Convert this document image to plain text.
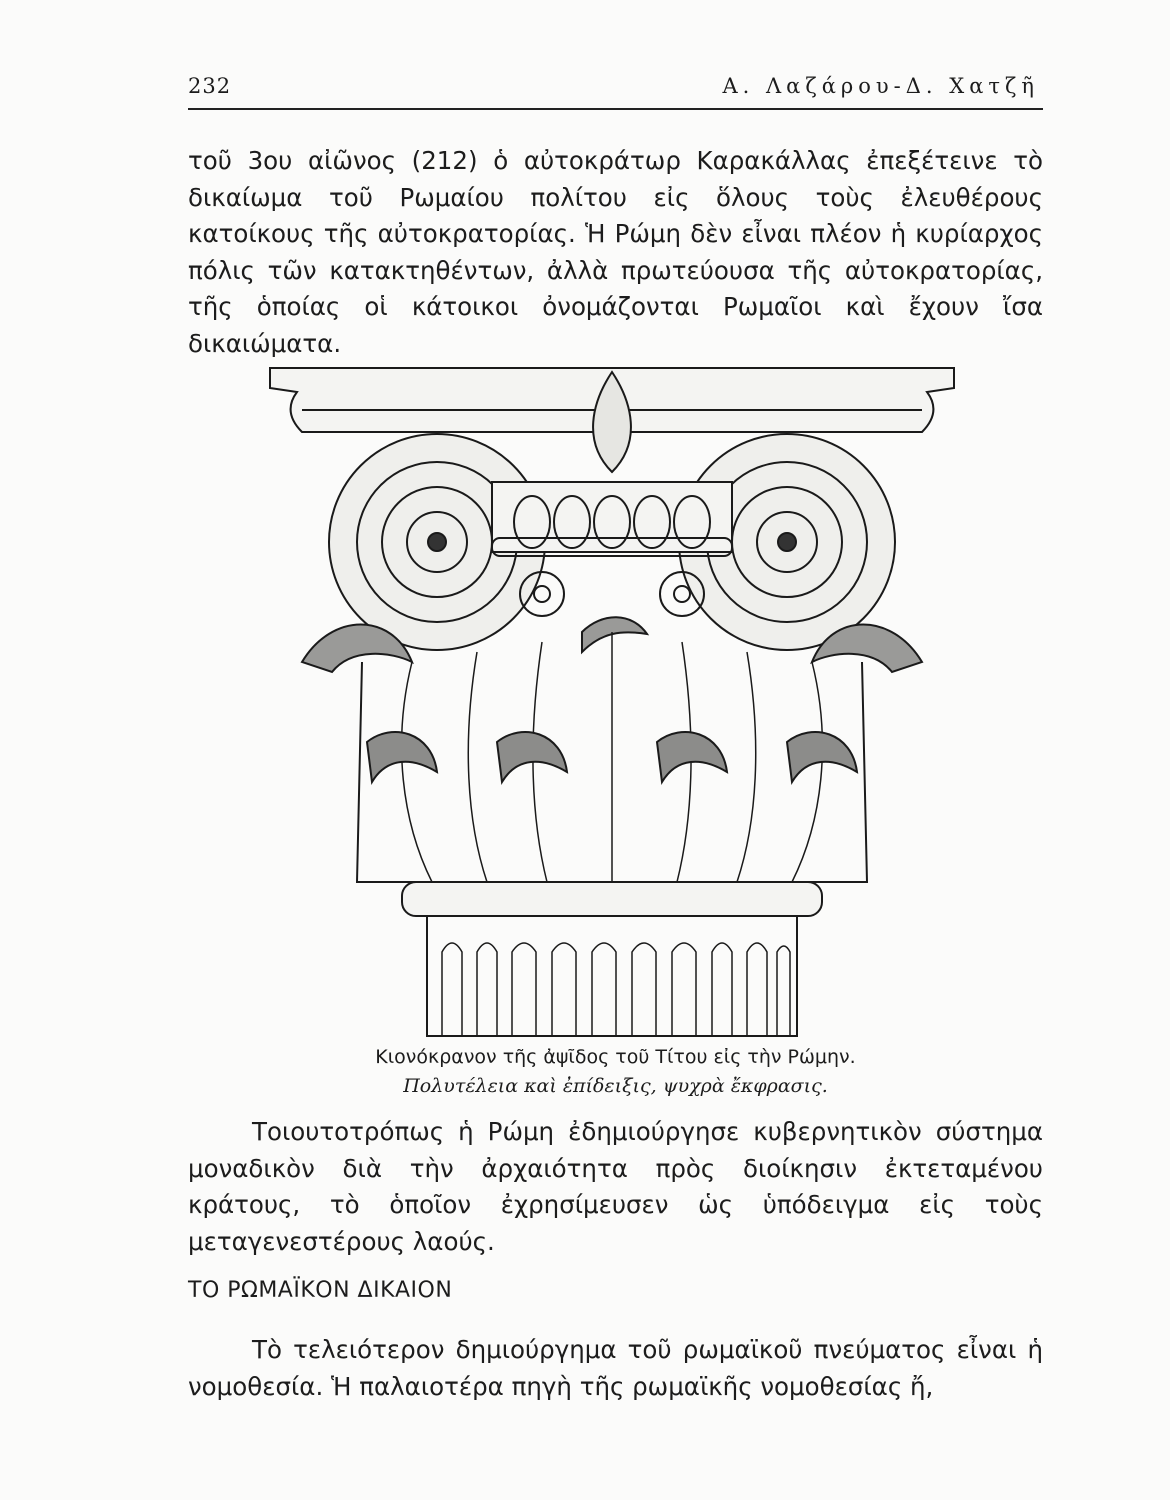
232	Α. Λαζάρου-Δ. Χατζῆ

τοῦ 3ου αἰῶνος (212) ὁ αὐτοκράτωρ Καρακάλλας ἐπεξέτεινε τὸ δικαίωμα τοῦ Ρωμαίου πολίτου εἰς ὅλους τοὺς ἐλευθέρους κατοίκους τῆς αὐτοκρατορίας. Ἡ Ρώμη δὲν εἶναι πλέον ἡ κυρίαρχος πόλις τῶν κατακτηθέντων, ἀλλὰ πρωτεύουσα τῆς αὐτοκρατορίας, τῆς ὁποίας οἱ κάτοικοι ὀνομάζονται Ρωμαῖοι καὶ ἔχουν ἴσα δικαιώματα.

Κιονόκρανον τῆς ἀψῖδος τοῦ Τίτου εἰς τὴν Ρώμην.
Πολυτέλεια καὶ ἐπίδειξις, ψυχρὰ ἔκφρασις.

Τοιουτοτρόπως ἡ Ρώμη ἐδημιούργησε κυβερνητικὸν σύστημα μοναδικὸν διὰ τὴν ἀρχαιότητα πρὸς διοίκησιν ἐκτεταμένου κράτους, τὸ ὁποῖον ἐχρησίμευσεν ὡς ὑπόδειγμα εἰς τοὺς μεταγενεστέρους λαούς.

ΤΟ ΡΩΜΑΪΚΟΝ ΔΙΚΑΙΟΝ

Τὸ τελειότερον δημιούργημα τοῦ ρωμαϊκοῦ πνεύματος εἶναι ἡ νομοθεσία. Ἡ παλαιοτέρα πηγὴ τῆς ρωμαϊκῆς νομοθεσίας ἤ,
